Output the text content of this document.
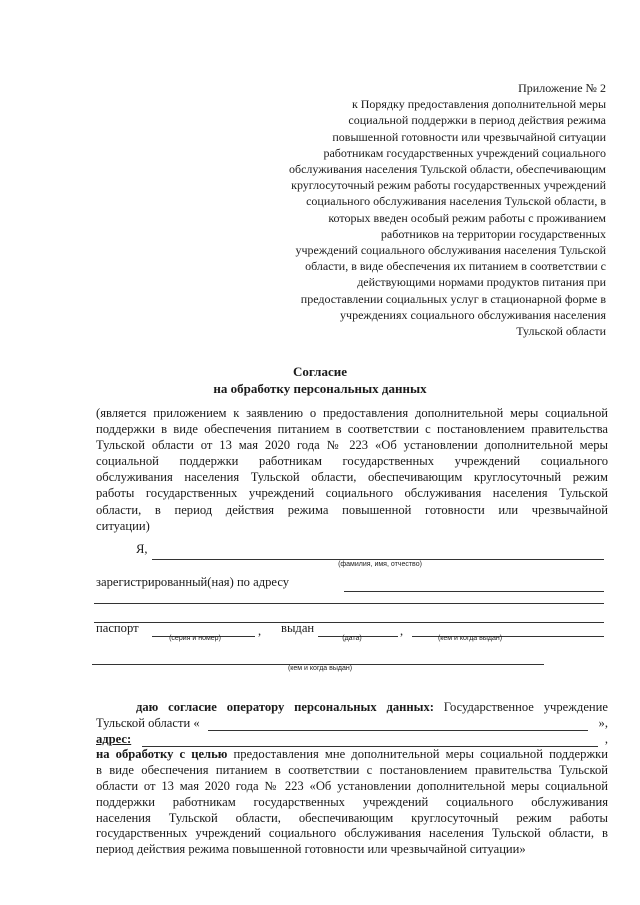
Приложение № 2
к Порядку предоставления дополнительной меры
социальной поддержки в период действия режима
повышенной готовности или чрезвычайной ситуации
работникам государственных учреждений социального
обслуживания населения Тульской области, обеспечивающим
круглосуточный режим работы государственных учреждений
социального обслуживания населения Тульской области, в
которых введен особый режим работы с проживанием
работников на территории государственных
учреждений социального обслуживания населения Тульской
области, в виде обеспечения их питанием в соответствии с
действующими нормами продуктов питания при
предоставлении социальных услуг в стационарной форме в
учреждениях социального обслуживания населения
Тульской области
Согласие
на обработку персональных данных
(является приложением к заявлению о предоставления дополнительной меры социальной
поддержки в виде обеспечения питанием в соответствии с постановлением правительства
Тульской области от 13 мая 2020 года № 223 «Об установлении дополнительной меры
социальной поддержки работникам государственных учреждений социального
обслуживания населения Тульской области, обеспечивающим круглосуточный режим
работы государственных учреждений социального обслуживания населения Тульской
области, в период действия режима повышенной готовности или чрезвычайной
ситуации)
Я,
(фамилия, имя, отчество)
зарегистрированный(ная) по адресу
паспорт	,
(серия и номер)
выдан	,
(дата)	(кем и когда выдан)
(кем и когда выдан)
даю согласие оператору персональных данных: Государственное учреждение
Тульской области «	»,
адрес:	,
на обработку с целью предоставления мне дополнительной меры социальной поддержки
в виде обеспечения питанием в соответствии с постановлением правительства Тульской
области от 13 мая 2020 года № 223 «Об установлении дополнительной меры социальной
поддержки работникам государственных учреждений социального обслуживания
населения Тульской области, обеспечивающим круглосуточный режим работы
государственных учреждений социального обслуживания населения Тульской области, в
период действия режима повышенной готовности или чрезвычайной ситуации»
